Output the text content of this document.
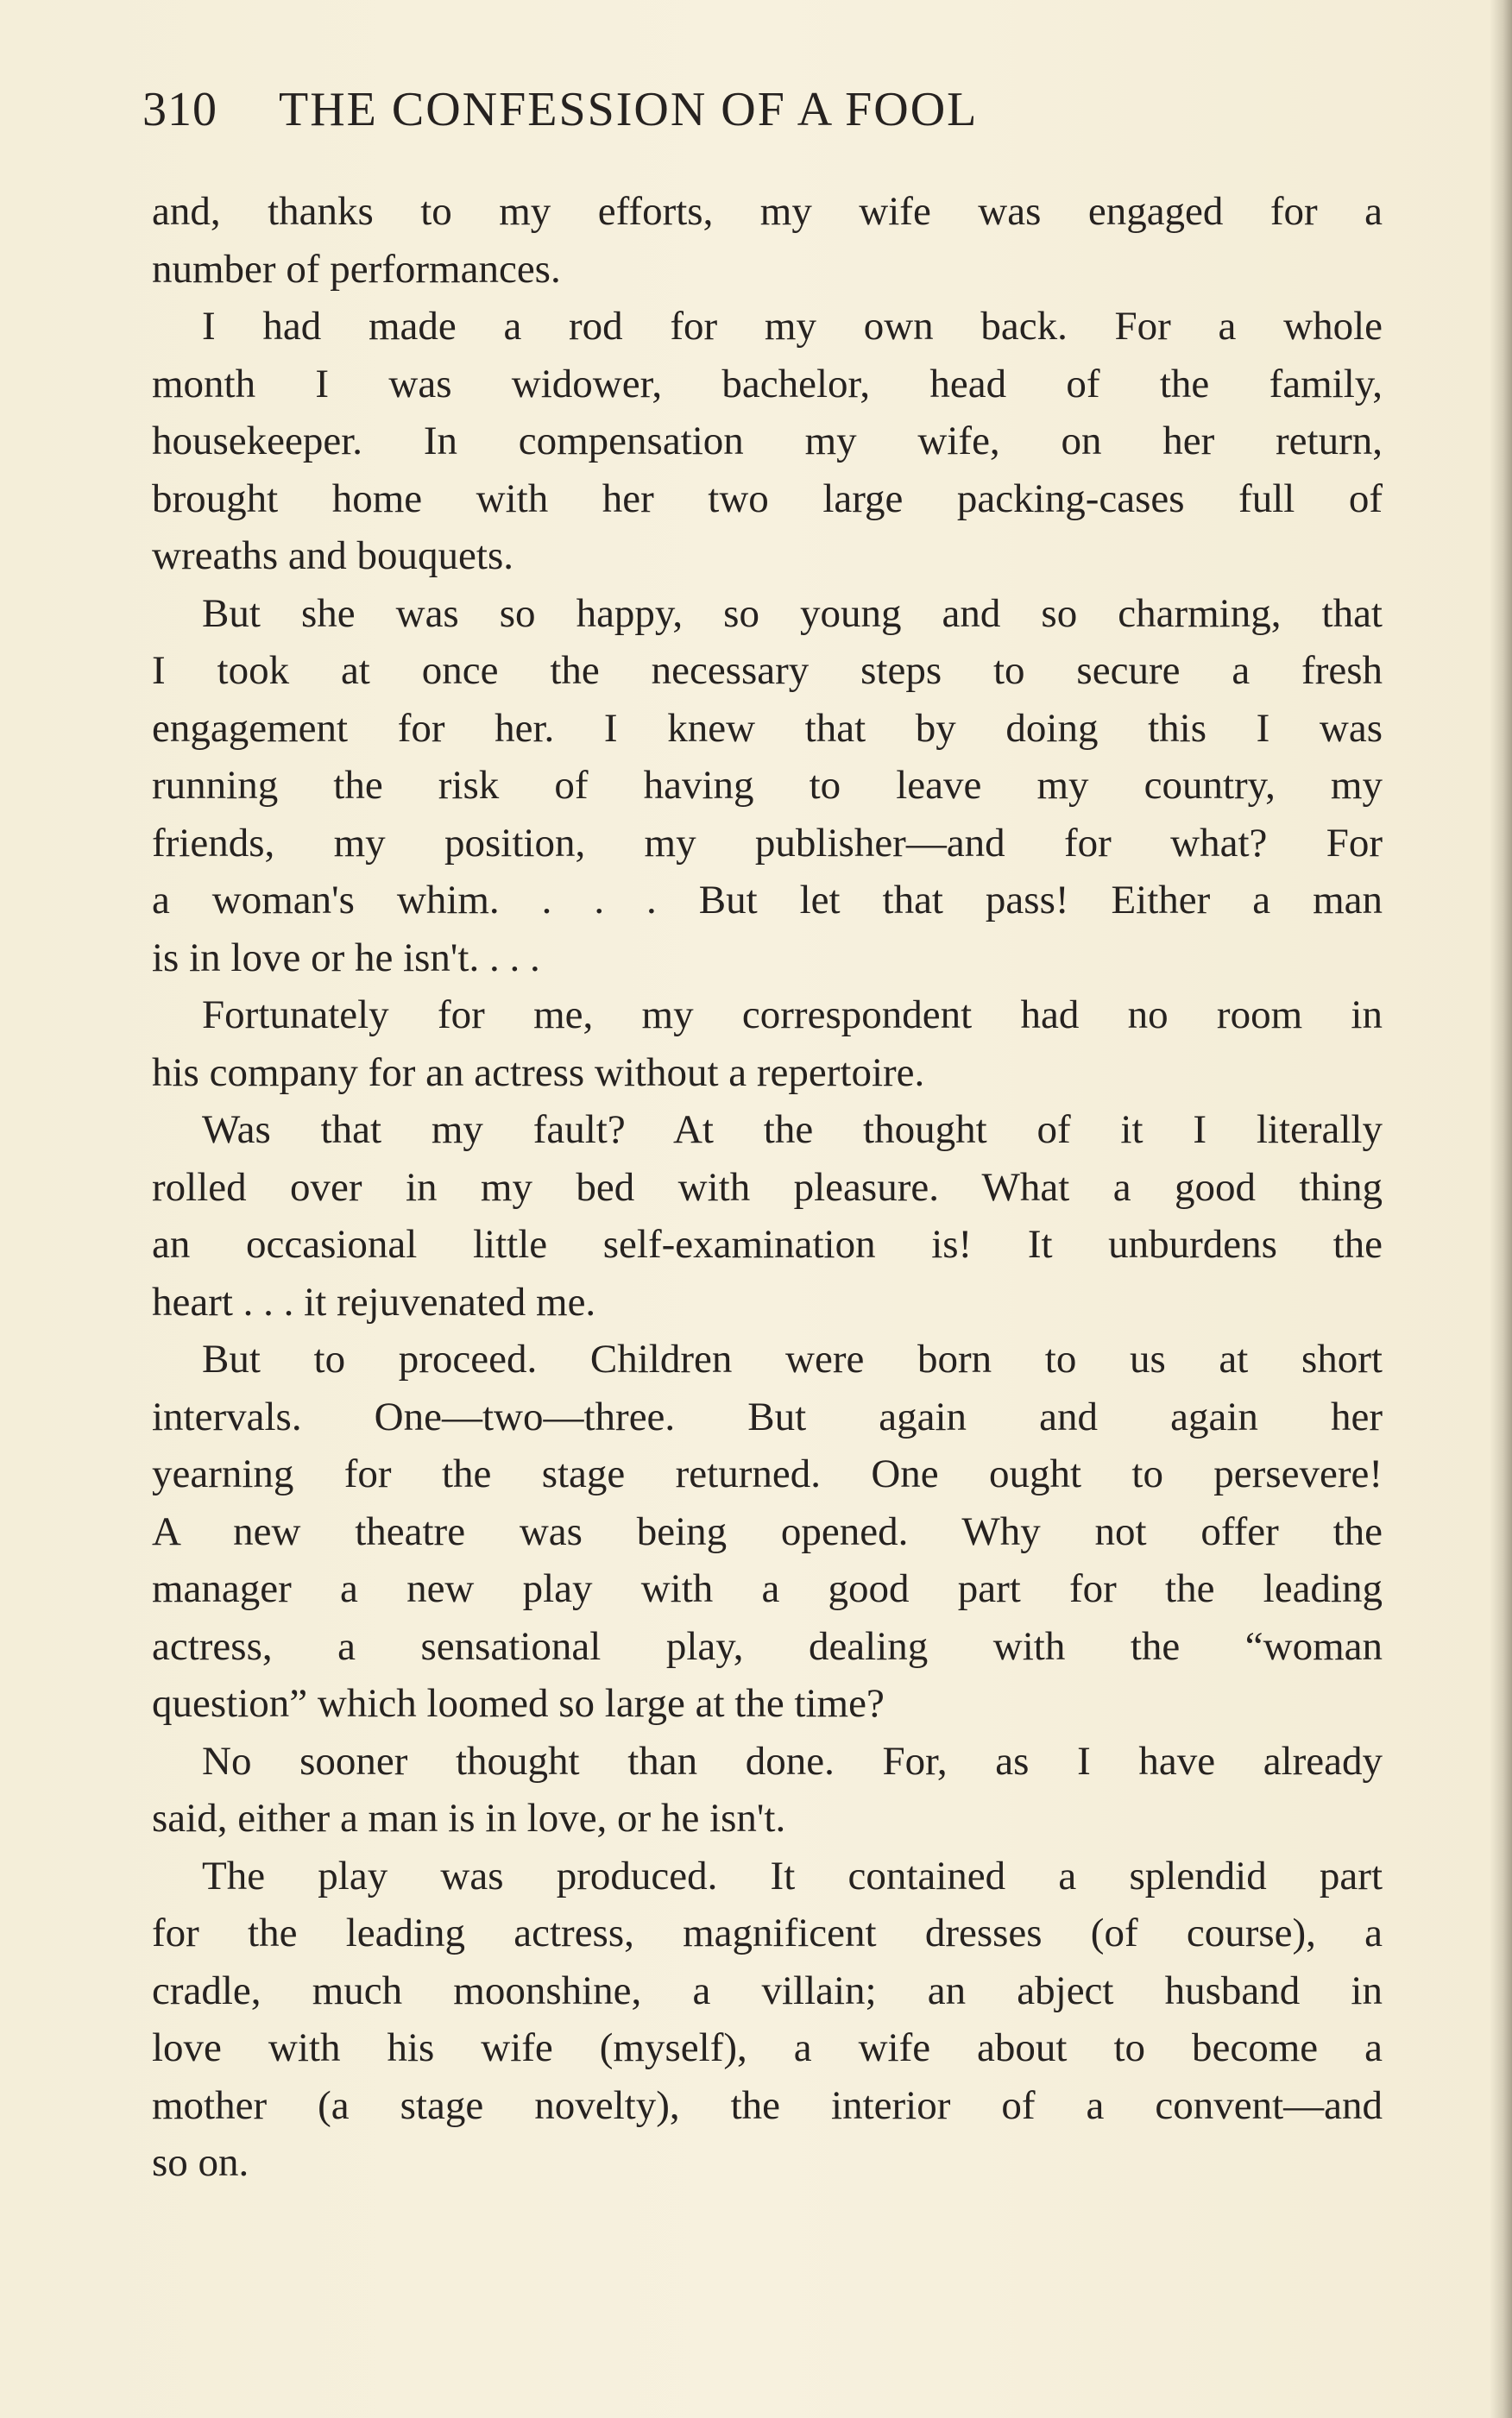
310 THE CONFESSION OF A FOOL
and, thanks to my efforts, my wife was engaged for a
number of performances.
I had made a rod for my own back. For a whole
month I was widower, bachelor, head of the family,
housekeeper. In compensation my wife, on her return,
brought home with her two large packing-cases full of
wreaths and bouquets.
But she was so happy, so young and so charming, that
I took at once the necessary steps to secure a fresh
engagement for her. I knew that by doing this I was
running the risk of having to leave my country, my
friends, my position, my publisher—and for what? For
a woman's whim. . . . But let that pass! Either a man
is in love or he isn't. . . .
Fortunately for me, my correspondent had no room in
his company for an actress without a repertoire.
Was that my fault? At the thought of it I literally
rolled over in my bed with pleasure. What a good thing
an occasional little self-examination is! It unburdens the
heart . . . it rejuvenated me.
But to proceed. Children were born to us at short
intervals. One—two—three. But again and again her
yearning for the stage returned. One ought to persevere!
A new theatre was being opened. Why not offer the
manager a new play with a good part for the leading
actress, a sensational play, dealing with the “woman
question” which loomed so large at the time?
No sooner thought than done. For, as I have already
said, either a man is in love, or he isn't.
The play was produced. It contained a splendid part
for the leading actress, magnificent dresses (of course), a
cradle, much moonshine, a villain; an abject husband in
love with his wife (myself), a wife about to become a
mother (a stage novelty), the interior of a convent—and
so on.
